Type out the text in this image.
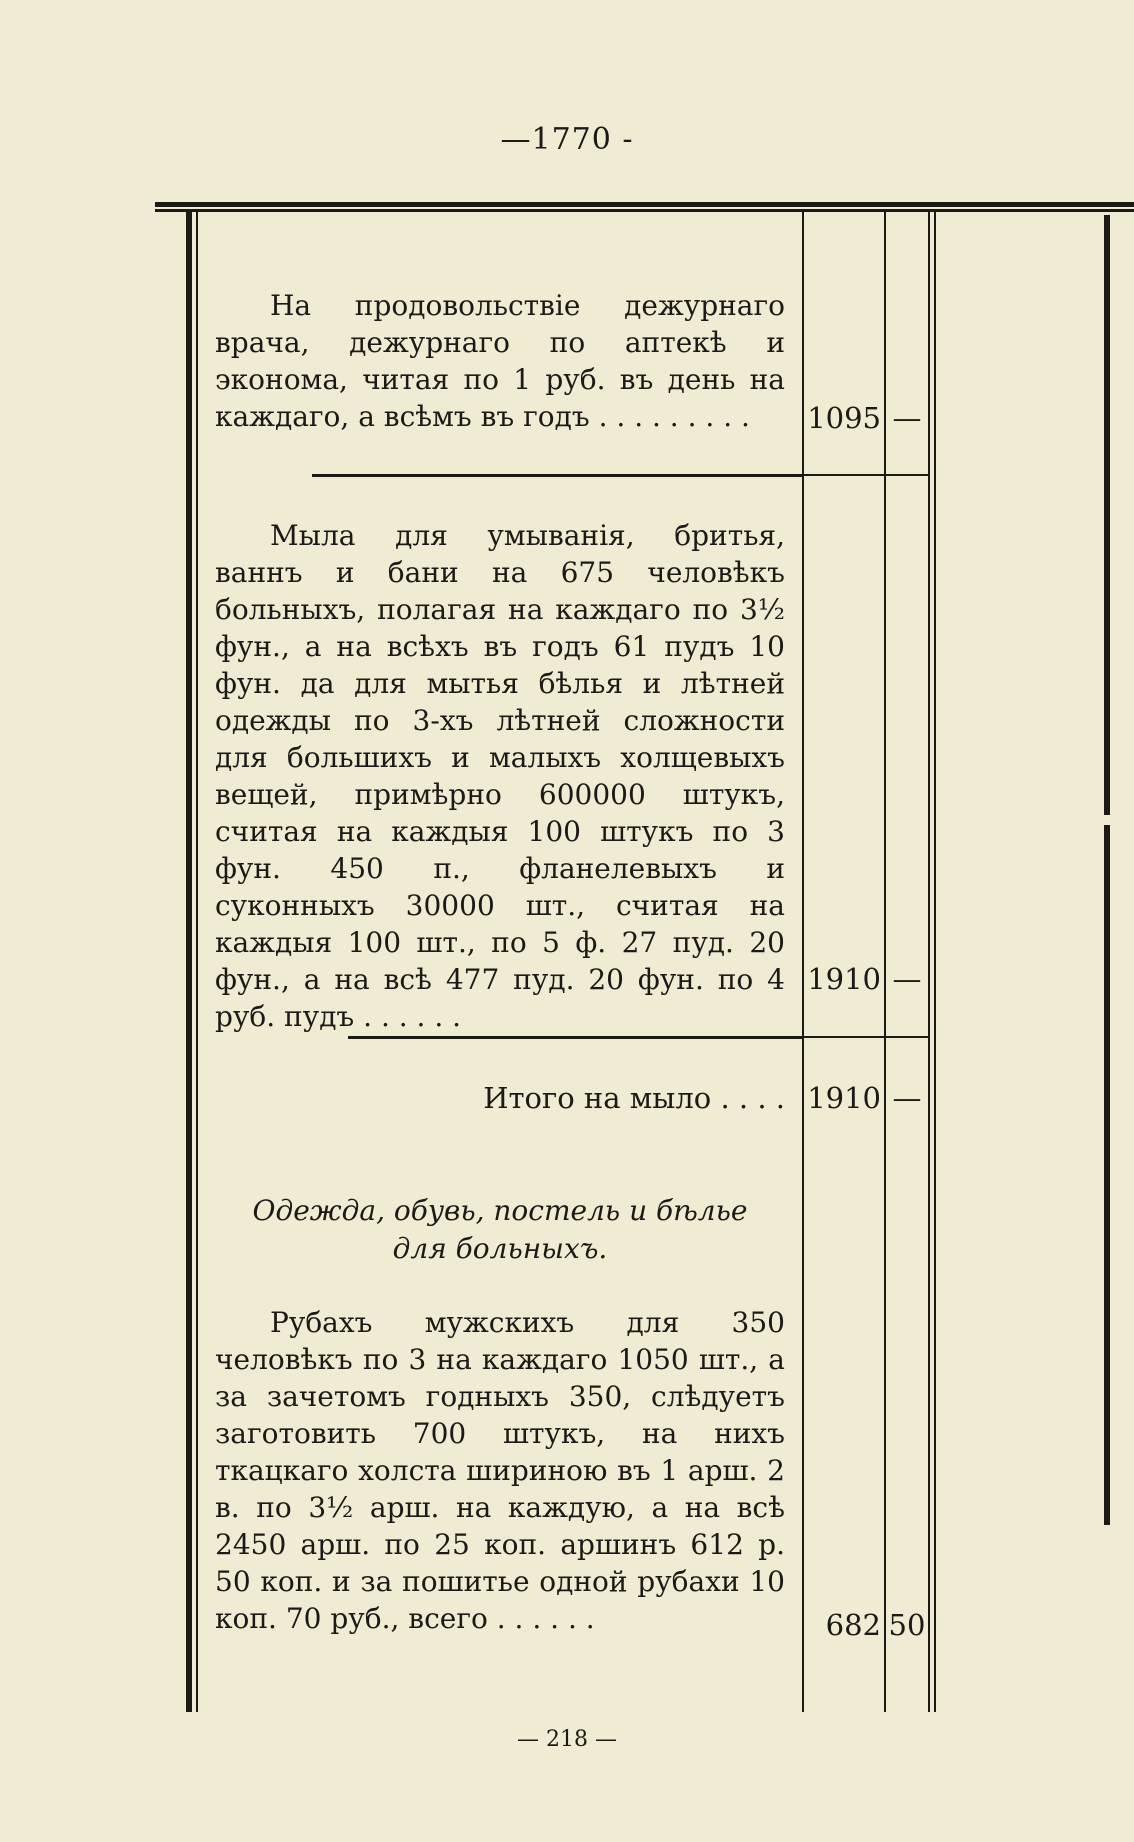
—1770 -
На продовольствіе дежурнаго врача, дежурнаго по аптекѣ и эконома, читая по 1 руб. въ день на каждаго, а всѣмъ въ годъ . . . . . . . . .	1095 —
Мыла для умыванія, бритья, ваннъ и бани на 675 человѣкъ больныхъ, полагая на каждаго по 3½ фун., а на всѣхъ въ годъ 61 пудъ 10 фун. да для мытья бѣлья и лѣтней одежды по 3-хъ лѣтней сложности для большихъ и малыхъ холщевыхъ вещей, примѣрно 600000 штукъ, считая на каждыя 100 штукъ по 3 фун. 450 п., фланелевыхъ и суконныхъ 30000 шт., считая на каждыя 100 шт., по 5 ф. 27 пуд. 20 фун., а на всѣ 477 пуд. 20 фун. по 4 руб. пудъ . . . . . .
1910 —
Итого на мыло . . . . 1910 —
Одежда, обувь, постель и бѣлье для больныхъ.
Рубахъ мужскихъ для 350 человѣкъ по 3 на каждаго 1050 шт., а за зачетомъ годныхъ 350, слѣдуетъ заготовить 700 штукъ, на нихъ ткацкаго холста шириною въ 1 арш. 2 в. по 3½ арш. на каждую, а на всѣ 2450 арш. по 25 коп. аршинъ 612 р. 50 коп. и за пошитье одной рубахи 10 коп. 70 руб., всего . . . . . .	682 50
— 218 —
